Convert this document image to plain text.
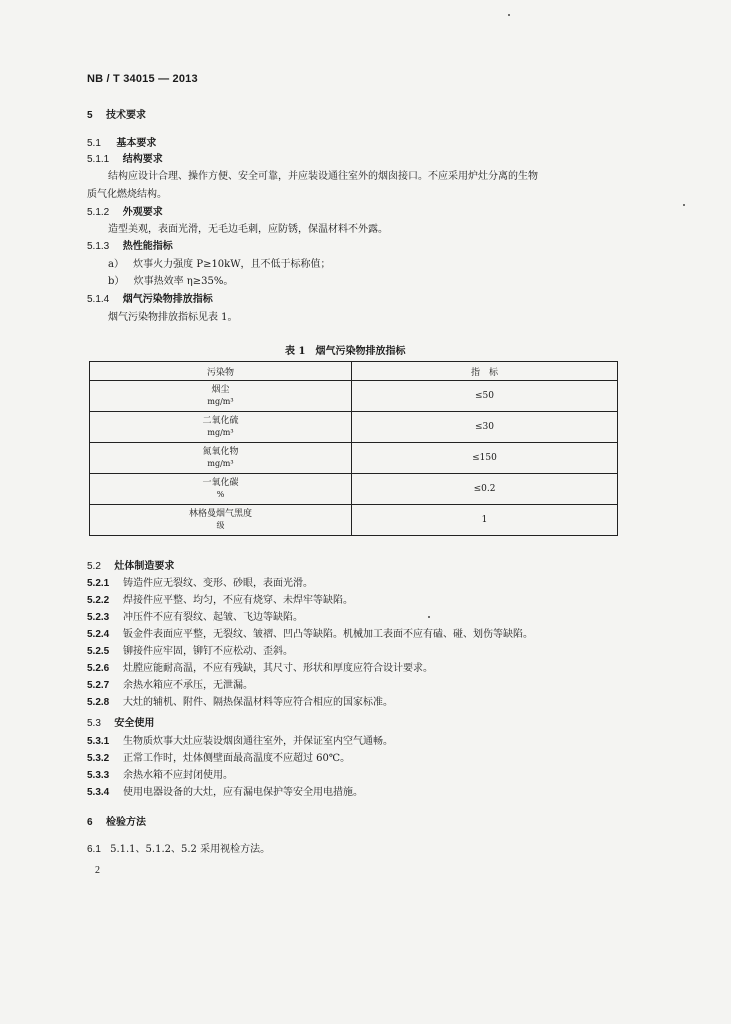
NB / T 34015 — 2013
5 技术要求
5.1 基本要求
5.1.1 结构要求
结构应设计合理、操作方便、安全可靠，并应装设通往室外的烟囱接口。不应采用炉灶分离的生物
质气化燃烧结构。
5.1.2 外观要求
造型美观，表面光滑，无毛边毛刺，应防锈，保温材料不外露。
5.1.3 热性能指标
a） 炊事火力强度 P≥10kW，且不低于标称值；
b） 炊事热效率 η≥35%。
5.1.4 烟气污染物排放指标
烟气污染物排放指标见表 1。
表 1　烟气污染物排放指标
污染物	指　标

烟尘
mg/m³	≤50

二氧化硫
mg/m³	≤30

氮氧化物
mg/m³	≤150

一氧化碳
%	≤0.2

林格曼烟气黑度
级	1
5.2 灶体制造要求
5.2.1 铸造件应无裂纹、变形、砂眼，表面光滑。
5.2.2 焊接件应平整、均匀，不应有烧穿、未焊牢等缺陷。
5.2.3 冲压件不应有裂纹、起皱、飞边等缺陷。
5.2.4 钣金件表面应平整，无裂纹、皱褶、凹凸等缺陷。机械加工表面不应有磕、碰、划伤等缺陷。
5.2.5 铆接件应牢固，铆钉不应松动、歪斜。
5.2.6 灶膛应能耐高温，不应有残缺，其尺寸、形状和厚度应符合设计要求。
5.2.7 余热水箱应不承压，无泄漏。
5.2.8 大灶的辅机、附件、隔热保温材料等应符合相应的国家标准。
5.3 安全使用
5.3.1 生物质炊事大灶应装设烟囱通往室外，并保证室内空气通畅。
5.3.2 正常工作时，灶体侧壁面最高温度不应超过 60℃。
5.3.3 余热水箱不应封闭使用。
5.3.4 使用电器设备的大灶，应有漏电保护等安全用电措施。
6 检验方法
6.1 5.1.1、5.1.2、5.2 采用视检方法。
2
